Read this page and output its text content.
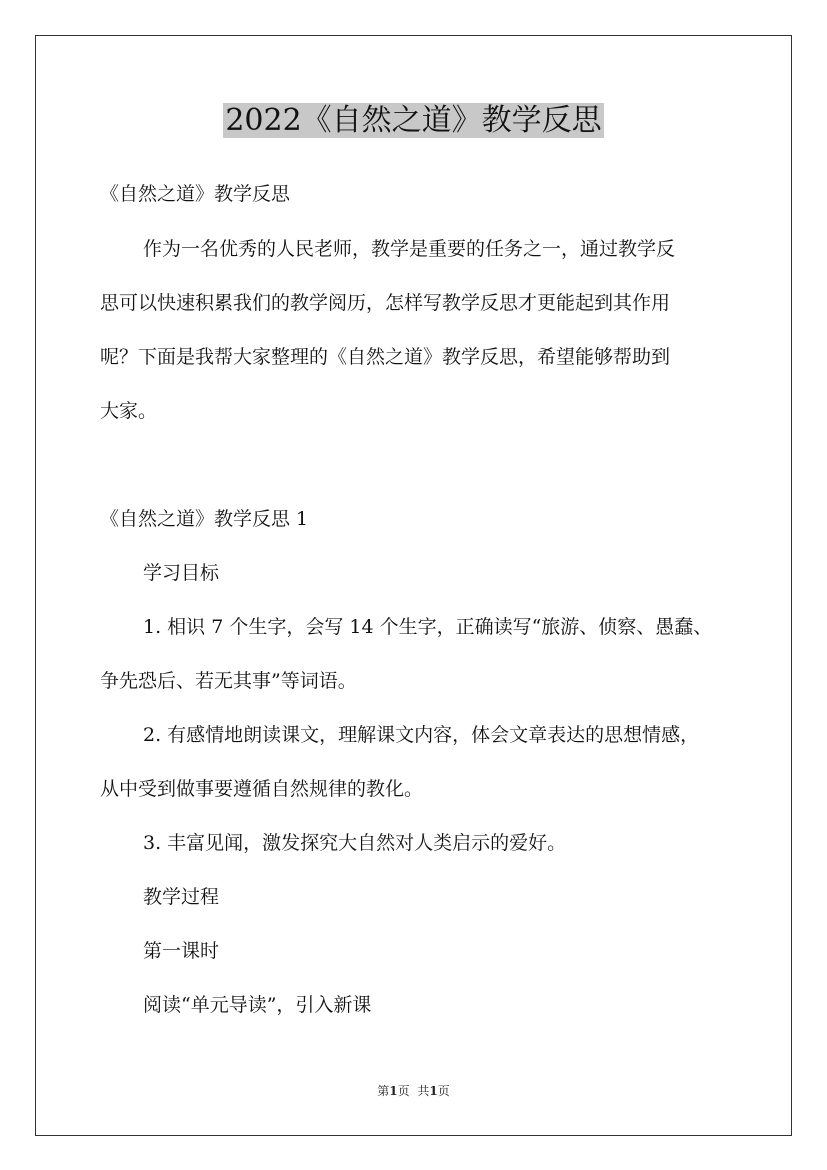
2022《自然之道》教学反思
《自然之道》教学反思
作为一名优秀的人民老师，教学是重要的任务之一，通过教学反
思可以快速积累我们的教学阅历，怎样写教学反思才更能起到其作用
呢？下面是我帮大家整理的《自然之道》教学反思，希望能够帮助到
大家。
《自然之道》教学反思 1
学习目标
1. 相识 7 个生字，会写 14 个生字，正确读写“旅游、侦察、愚蠢、
争先恐后、若无其事”等词语。
2. 有感情地朗读课文，理解课文内容，体会文章表达的思想情感，
从中受到做事要遵循自然规律的教化。
3. 丰富见闻，激发探究大自然对人类启示的爱好。
教学过程
第一课时
阅读“单元导读”，引入新课
第1页 共1页
